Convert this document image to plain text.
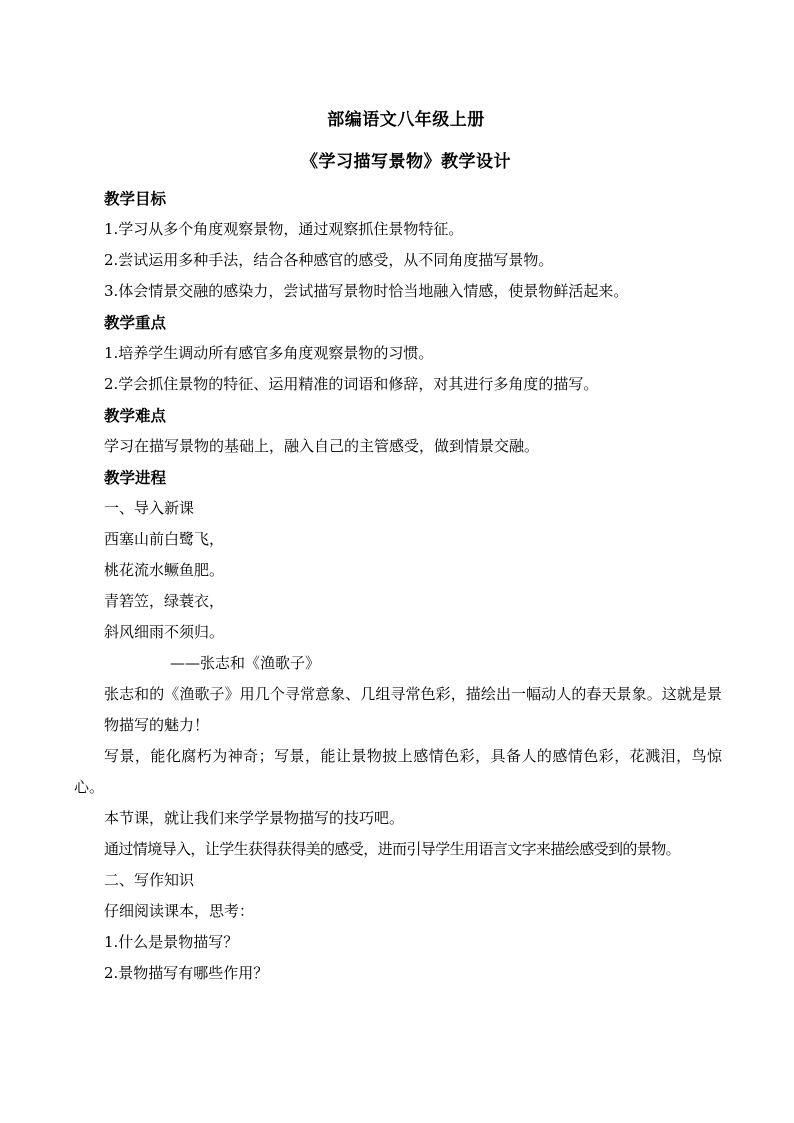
部编语文八年级上册
《学习描写景物》教学设计
教学目标
1.学习从多个角度观察景物，通过观察抓住景物特征。
2.尝试运用多种手法，结合各种感官的感受，从不同角度描写景物。
3.体会情景交融的感染力，尝试描写景物时恰当地融入情感，使景物鲜活起来。
教学重点
1.培养学生调动所有感官多角度观察景物的习惯。
2.学会抓住景物的特征、运用精准的词语和修辞，对其进行多角度的描写。
教学难点
学习在描写景物的基础上，融入自己的主管感受，做到情景交融。
教学进程
一、导入新课
西塞山前白鹭飞，
桃花流水鳜鱼肥。
青箬笠，绿蓑衣，
斜风细雨不须归。
——张志和《渔歌子》
张志和的《渔歌子》用几个寻常意象、几组寻常色彩，描绘出一幅动人的春天景象。这就是景物描写的魅力！
写景，能化腐朽为神奇；写景，能让景物披上感情色彩，具备人的感情色彩，花溅泪，鸟惊心。
本节课，就让我们来学学景物描写的技巧吧。
通过情境导入，让学生获得获得美的感受，进而引导学生用语言文字来描绘感受到的景物。
二、写作知识
仔细阅读课本，思考：
1.什么是景物描写？
2.景物描写有哪些作用？
